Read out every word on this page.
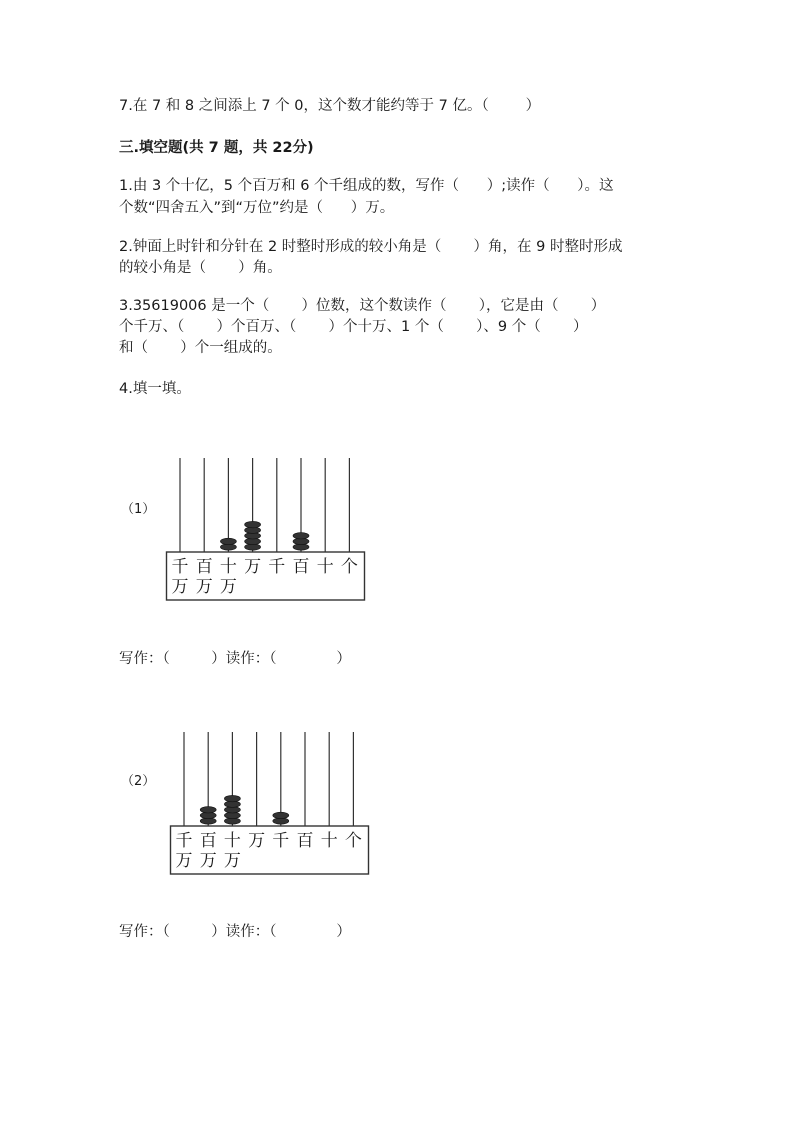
7.在 7 和 8 之间添上 7 个 0，这个数才能约等于 7 亿。（        ）
三.填空题(共 7 题，共 22分)
1.由 3 个十亿，5 个百万和 6 个千组成的数，写作（      ）;读作（      ）。这
个数“四舍五入”到“万位”约是（      ）万。
2.钟面上时针和分针在 2 时整时形成的较小角是（       ）角，在 9 时整时形成
的较小角是（       ）角。
3.35619006 是一个（       ）位数，这个数读作（       ），它是由（       ）
个千万、（       ）个百万、（       ）个十万、1 个（       ）、9 个（       ）
和（       ）个一组成的。
4.填一填。
（1）
千 百 十 万 千 百 十 个
万 万 万
写作：（         ）读作：（             ）
（2）
千 百 十 万 千 百 十 个
万 万 万
写作：（         ）读作：（             ）
